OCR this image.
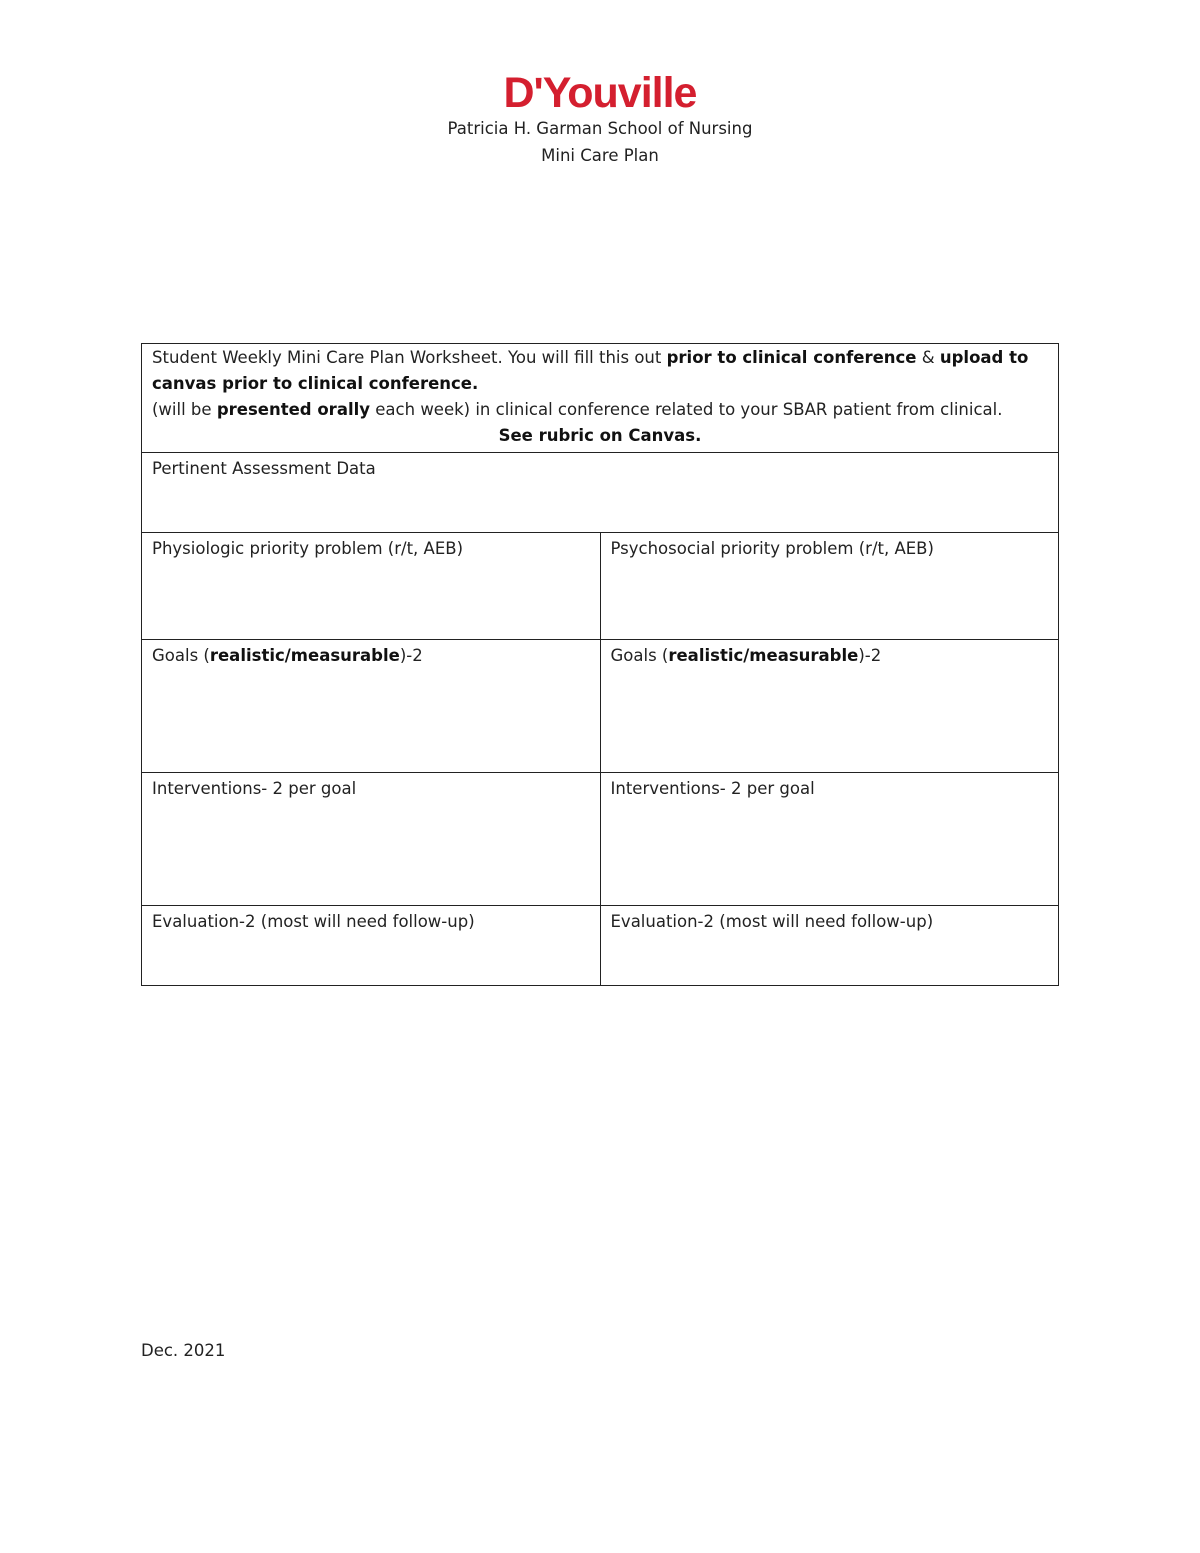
D'Youville
Patricia H. Garman School of Nursing
Mini Care Plan
Student Weekly Mini Care Plan Worksheet. You will fill this out prior to clinical conference & upload to canvas prior to clinical conference.
(will be presented orally each week) in clinical conference related to your SBAR patient from clinical.
See rubric on Canvas.	

Pertinent Assessment Data	
Physiologic priority problem (r/t, AEB)	Psychosocial priority problem (r/t, AEB)
Goals (realistic/measurable)-2	Goals (realistic/measurable)-2
Interventions- 2 per goal	Interventions- 2 per goal
Evaluation-2 (most will need follow-up)	Evaluation-2 (most will need follow-up)
Dec. 2021
